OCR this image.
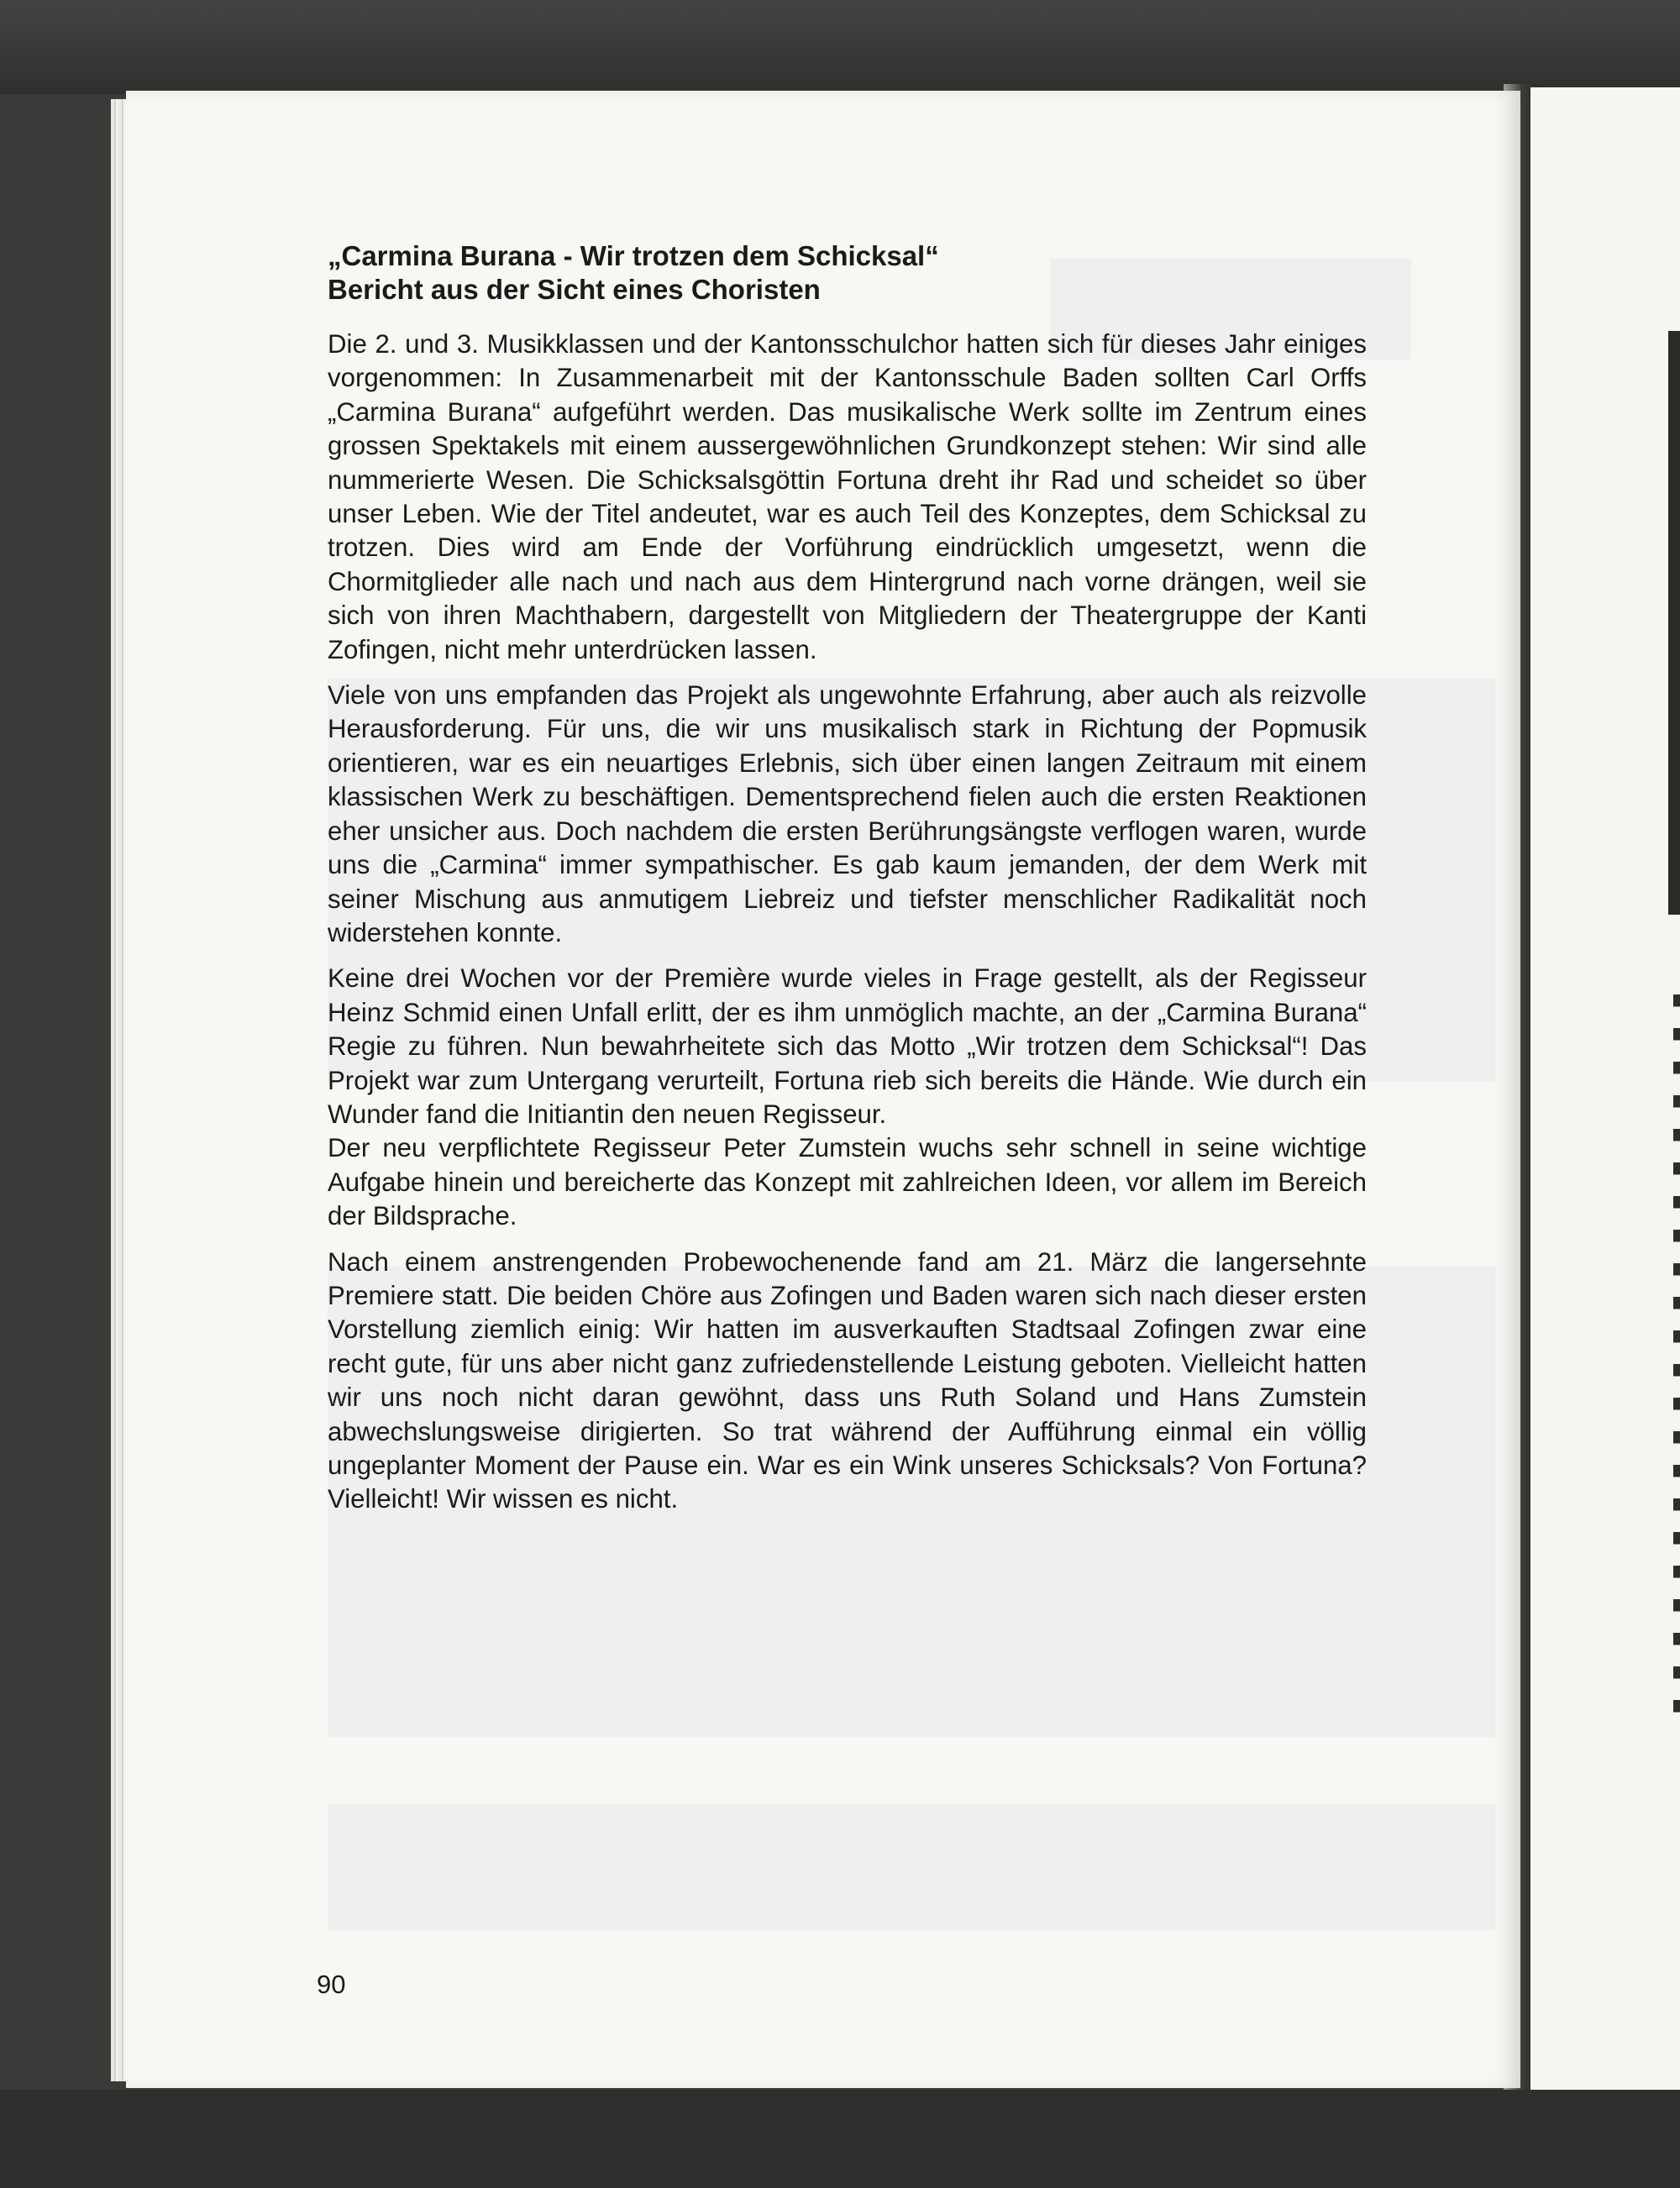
„Carmina Burana - Wir trotzen dem Schicksal“
Bericht aus der Sicht eines Choristen

Die 2. und 3. Musikklassen und der Kantonsschulchor hatten sich für dieses Jahr einiges vorgenommen: In Zusammenarbeit mit der Kantonsschule Baden sollten Carl Orffs „Carmina Burana“ aufgeführt werden. Das musikalische Werk sollte im Zentrum eines grossen Spektakels mit einem aussergewöhnlichen Grundkonzept stehen: Wir sind alle nummerierte Wesen. Die Schicksalsgöttin Fortuna dreht ihr Rad und scheidet so über unser Leben. Wie der Titel andeutet, war es auch Teil des Konzeptes, dem Schicksal zu trotzen. Dies wird am Ende der Vorführung eindrücklich umgesetzt, wenn die Chormitglieder alle nach und nach aus dem Hintergrund nach vorne drängen, weil sie sich von ihren Machthabern, dargestellt von Mitgliedern der Theatergruppe der Kanti Zofingen, nicht mehr unterdrücken lassen.

Viele von uns empfanden das Projekt als ungewohnte Erfahrung, aber auch als reizvolle Herausforderung. Für uns, die wir uns musikalisch stark in Richtung der Popmusik orientieren, war es ein neuartiges Erlebnis, sich über einen langen Zeitraum mit einem klassischen Werk zu beschäftigen. Dementsprechend fielen auch die ersten Reaktionen eher unsicher aus. Doch nachdem die ersten Berührungsängste verflogen waren, wurde uns die „Carmina“ immer sympathischer. Es gab kaum jemanden, der dem Werk mit seiner Mischung aus anmutigem Liebreiz und tiefster menschlicher Radikalität noch widerstehen konnte.

Keine drei Wochen vor der Première wurde vieles in Frage gestellt, als der Regisseur Heinz Schmid einen Unfall erlitt, der es ihm unmöglich machte, an der „Carmina Burana“ Regie zu führen. Nun bewahrheitete sich das Motto „Wir trotzen dem Schicksal“! Das Projekt war zum Untergang verurteilt, Fortuna rieb sich bereits die Hände. Wie durch ein Wunder fand die Initiantin den neuen Regisseur.

Der neu verpflichtete Regisseur Peter Zumstein wuchs sehr schnell in seine wichtige Aufgabe hinein und bereicherte das Konzept mit zahlreichen Ideen, vor allem im Bereich der Bildsprache.

Nach einem anstrengenden Probewochenende fand am 21. März die langersehnte Premiere statt. Die beiden Chöre aus Zofingen und Baden waren sich nach dieser ersten Vorstellung ziemlich einig: Wir hatten im ausverkauften Stadtsaal Zofingen zwar eine recht gute, für uns aber nicht ganz zufriedenstellende Leistung geboten. Vielleicht hatten wir uns noch nicht daran gewöhnt, dass uns Ruth Soland und Hans Zumstein abwechslungsweise dirigierten. So trat während der Aufführung einmal ein völlig ungeplanter Moment der Pause ein. War es ein Wink unseres Schicksals? Von Fortuna? Vielleicht! Wir wissen es nicht.

90
